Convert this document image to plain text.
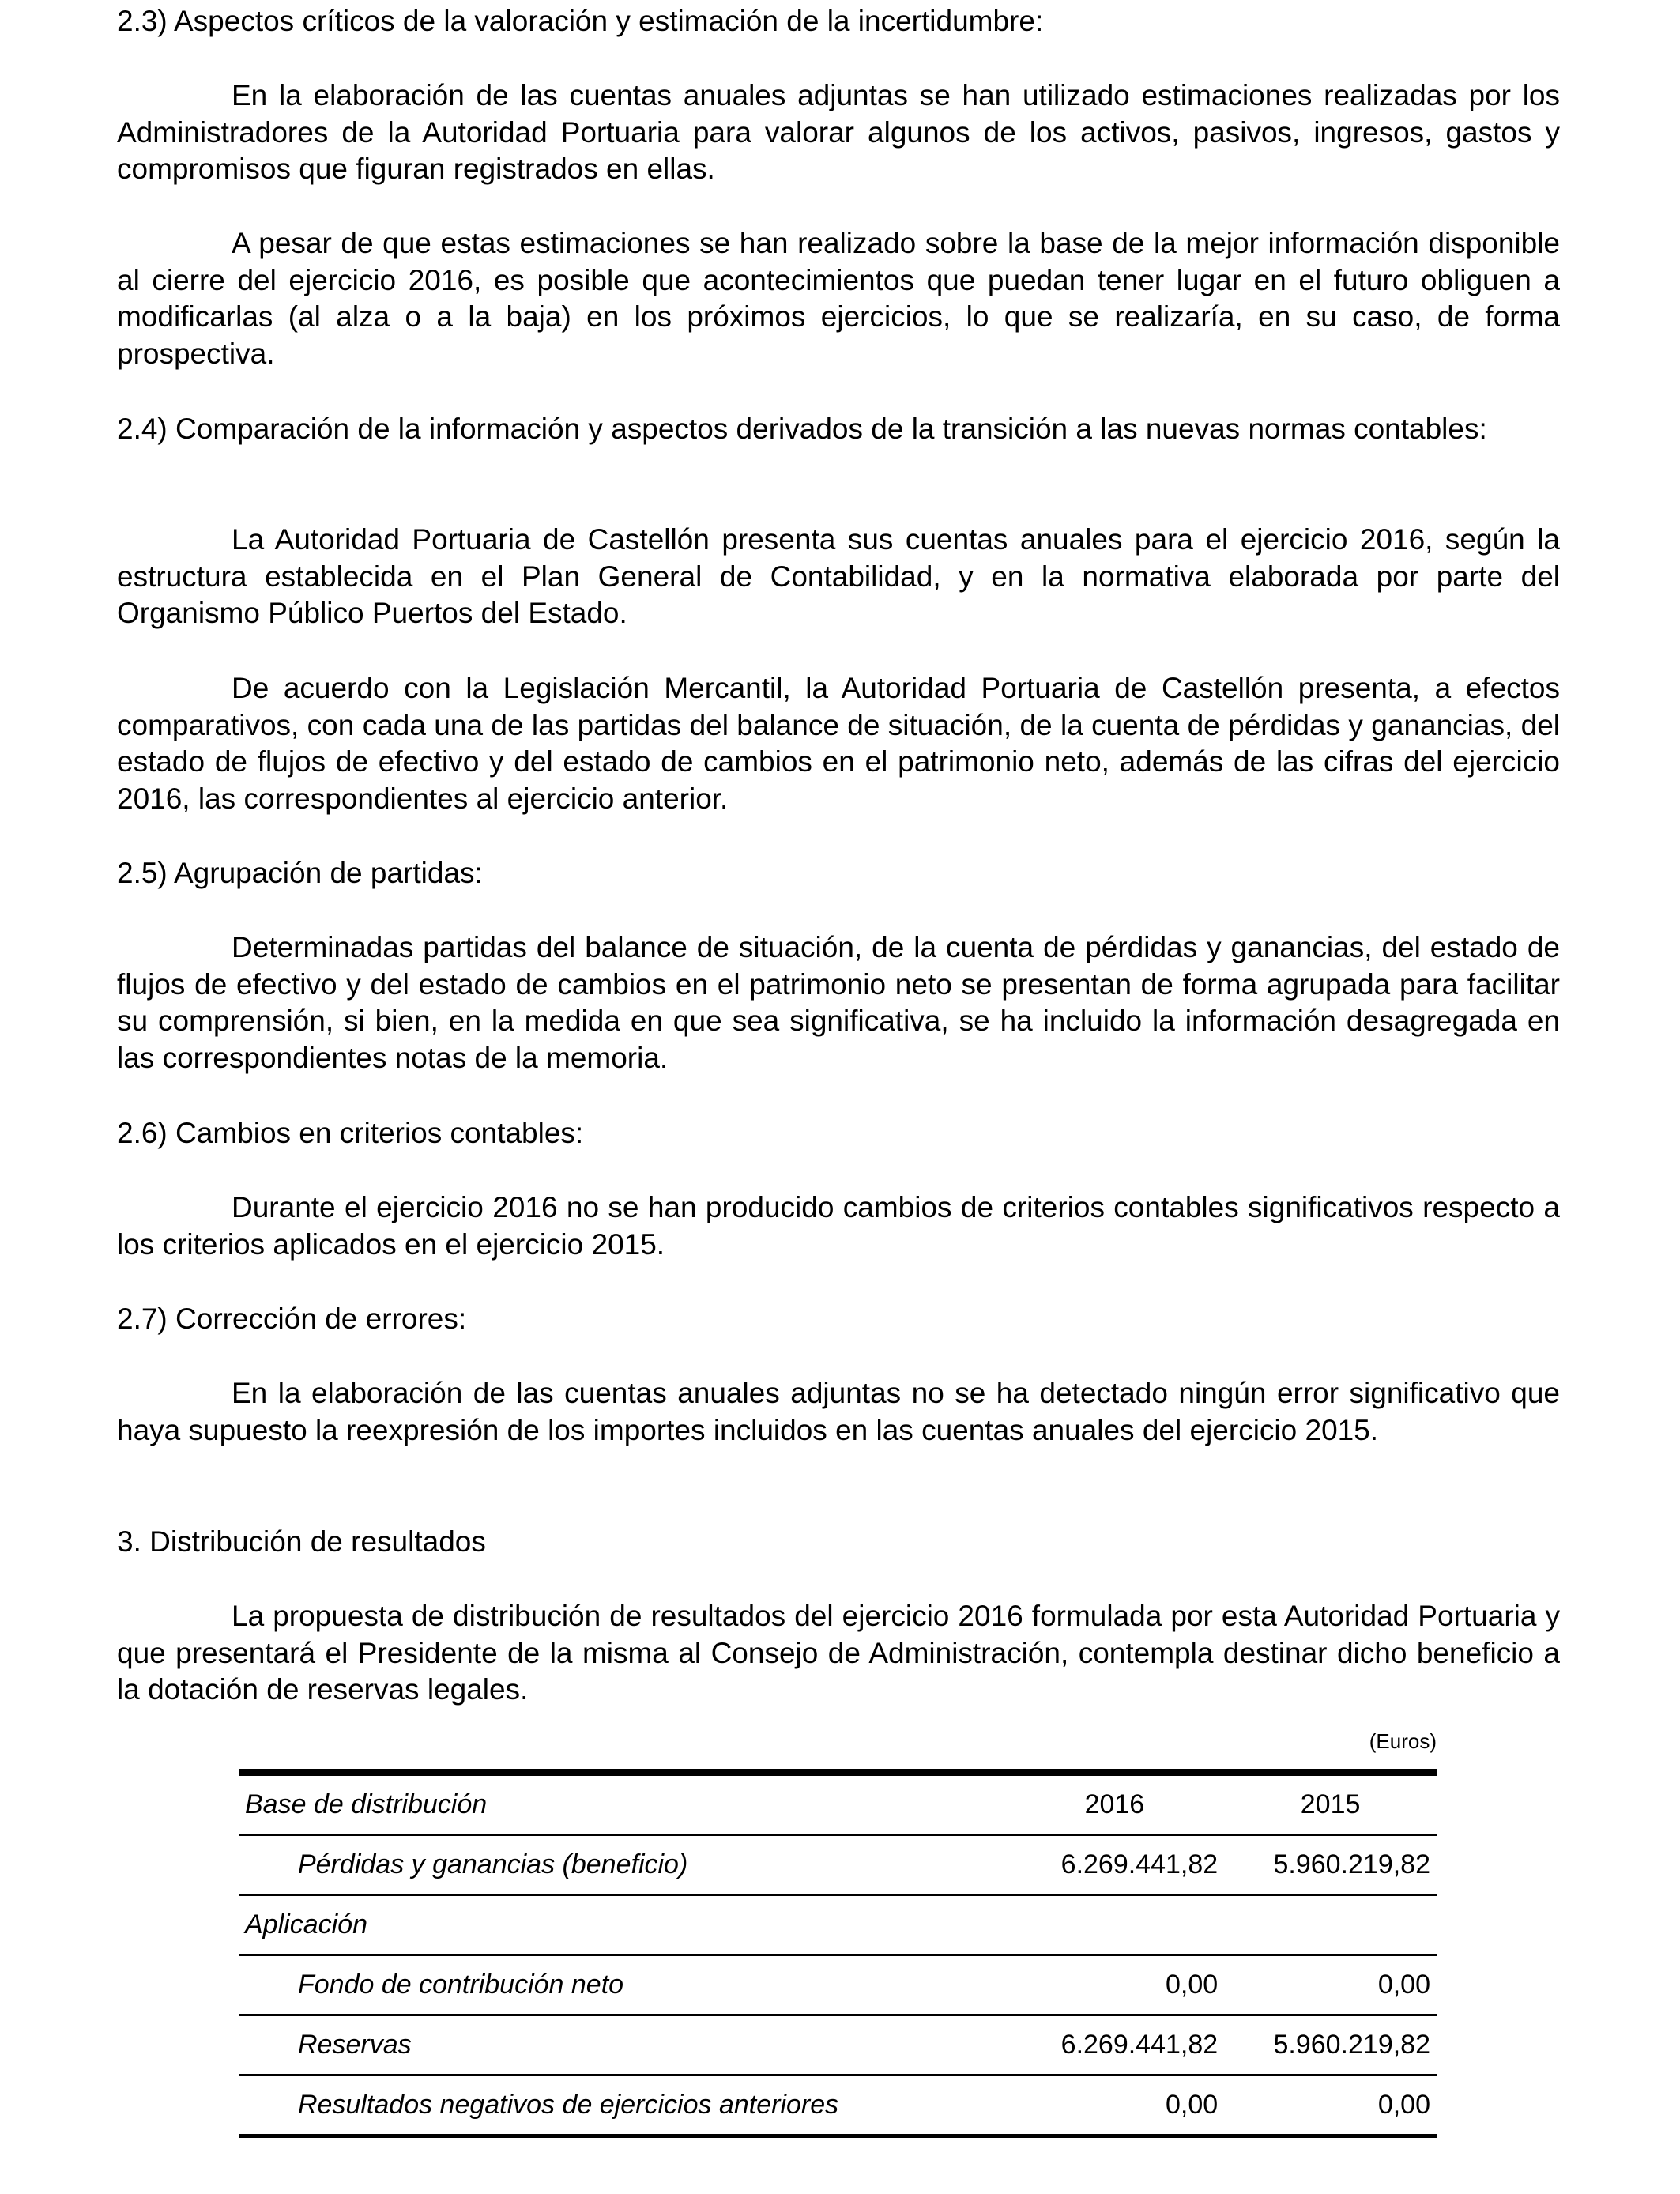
2.3) Aspectos críticos de la valoración y estimación de la incertidumbre:

En la elaboración de las cuentas anuales adjuntas se han utilizado estimaciones realizadas por los Administradores de la Autoridad Portuaria para valorar algunos de los activos, pasivos, ingresos, gastos y compromisos que figuran registrados en ellas.

A pesar de que estas estimaciones se han realizado sobre la base de la mejor información disponible al cierre del ejercicio 2016, es posible que acontecimientos que puedan tener lugar en el futuro obliguen a modificarlas (al alza o a la baja) en los próximos ejercicios, lo que se realizaría, en su caso, de forma prospectiva.

2.4) Comparación de la información y aspectos derivados de la transición a las nuevas normas contables:

La Autoridad Portuaria de Castellón presenta sus cuentas anuales para el ejercicio 2016, según la estructura establecida en el Plan General de Contabilidad, y en la normativa elaborada por parte del Organismo Público Puertos del Estado.

De acuerdo con la Legislación Mercantil, la Autoridad Portuaria de Castellón presenta, a efectos comparativos, con cada una de las partidas del balance de situación, de la cuenta de pérdidas y ganancias, del estado de flujos de efectivo y del estado de cambios en el patrimonio neto, además de las cifras del ejercicio 2016, las correspondientes al ejercicio anterior.

2.5) Agrupación de partidas:

Determinadas partidas del balance de situación, de la cuenta de pérdidas y ganancias, del estado de flujos de efectivo y del estado de cambios en el patrimonio neto se presentan de forma agrupada para facilitar su comprensión, si bien, en la medida en que sea significativa, se ha incluido la información desagregada en las correspondientes notas de la memoria.

2.6) Cambios en criterios contables:

Durante el ejercicio 2016 no se han producido cambios de criterios contables significativos respecto a los criterios aplicados en el ejercicio 2015.

2.7) Corrección de errores:

En la elaboración de las cuentas anuales adjuntas no se ha detectado ningún error significativo que haya supuesto la reexpresión de los importes incluidos en las cuentas anuales del ejercicio 2015.

3. Distribución de resultados

La propuesta de distribución de resultados del ejercicio 2016 formulada por esta Autoridad Portuaria y que presentará el Presidente de la misma al Consejo de Administración, contempla destinar dicho beneficio a la dotación de reservas legales.

(Euros)
Base de distribución	2016	2015
Pérdidas y ganancias (beneficio)	6.269.441,82	5.960.219,82
Aplicación		
Fondo de contribución neto	0,00	0,00
Reservas	6.269.441,82	5.960.219,82
Resultados negativos de ejercicios anteriores	0,00	0,00
